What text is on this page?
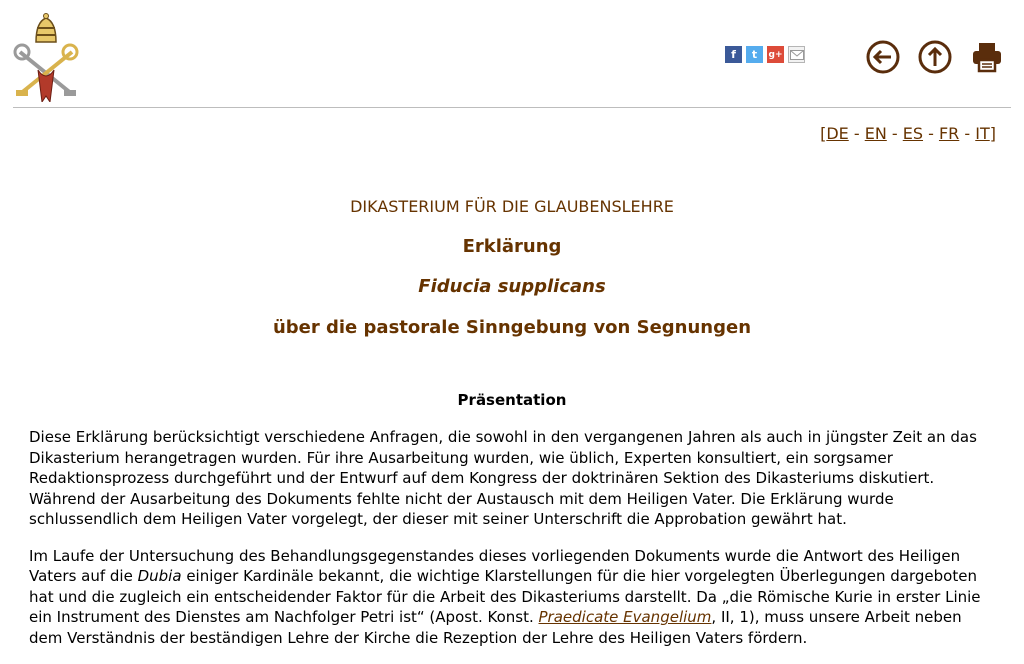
f	t	g+
[DE - EN - ES - FR - IT]
DIKASTERIUM FÜR DIE GLAUBENSLEHRE
Erklärung
Fiducia supplicans
über die pastorale Sinngebung von Segnungen
Präsentation

Diese Erklärung berücksichtigt verschiedene Anfragen, die sowohl in den vergangenen Jahren als auch in jüngster Zeit an das Dikasterium herangetragen wurden. Für ihre Ausarbeitung wurden, wie üblich, Experten konsultiert, ein sorgsamer Redaktionsprozess durchgeführt und der Entwurf auf dem Kongress der doktrinären Sektion des Dikasteriums diskutiert. Während der Ausarbeitung des Dokuments fehlte nicht der Austausch mit dem Heiligen Vater. Die Erklärung wurde schlussendlich dem Heiligen Vater vorgelegt, der dieser mit seiner Unterschrift die Approbation gewährt hat.

Im Laufe der Untersuchung des Behandlungsgegenstandes dieses vorliegenden Dokuments wurde die Antwort des Heiligen Vaters auf die Dubia einiger Kardinäle bekannt, die wichtige Klarstellungen für die hier vorgelegten Überlegungen dargeboten hat und die zugleich ein entscheidender Faktor für die Arbeit des Dikasteriums darstellt. Da „die Römische Kurie in erster Linie ein Instrument des Dienstes am Nachfolger Petri ist“ (Apost. Konst. Praedicate Evangelium, II, 1), muss unsere Arbeit neben dem Verständnis der beständigen Lehre der Kirche die Rezeption der Lehre des Heiligen Vaters fördern.
